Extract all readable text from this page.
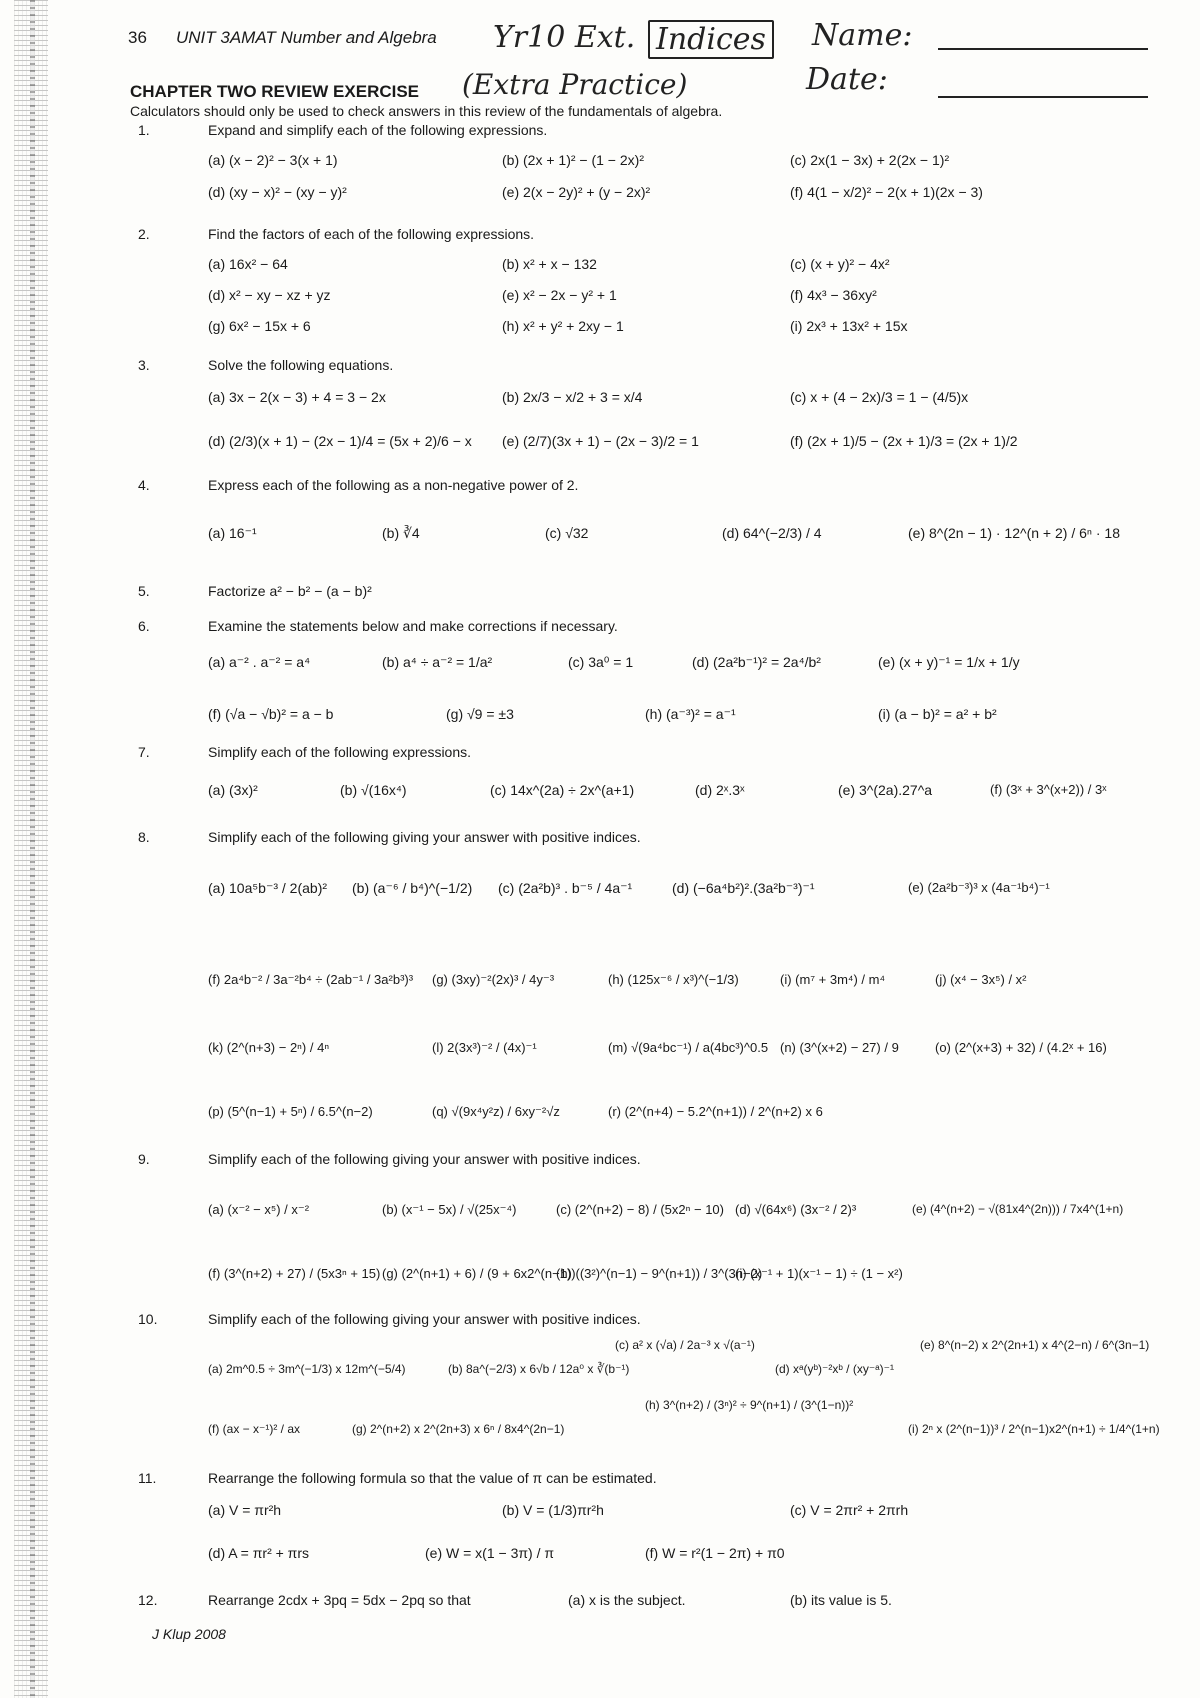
36 UNIT 3AMAT Number and Algebra Yr10 Ext. Indices Name:
CHAPTER TWO REVIEW EXERCISE (Extra Practice)	Date:
Calculators should only be used to check answers in this review of the fundamentals of algebra.
1.	Expand and simplify each of the following expressions.
(a) (x − 2)² − 3(x + 1)	(b) (2x + 1)² − (1 − 2x)²	(c) 2x(1 − 3x) + 2(2x − 1)²
(d) (xy − x)² − (xy − y)²	(e) 2(x − 2y)² + (y − 2x)²	(f) 4(1 − x/2)² − 2(x + 1)(2x − 3)
2.	Find the factors of each of the following expressions.
(a) 16x² − 64	(b) x² + x − 132	(c) (x + y)² − 4x²
(d) x² − xy − xz + yz	(e) x² − 2x − y² + 1	(f) 4x³ − 36xy²
(g) 6x² − 15x + 6	(h) x² + y² + 2xy − 1	(i) 2x³ + 13x² + 15x
3.	Solve the following equations.
(a) 3x − 2(x − 3) + 4 = 3 − 2x	(b) 2x/3 − x/2 + 3 = x/4	(c) x + (4 − 2x)/3 = 1 − (4/5)x
(d) (2/3)(x + 1) − (2x − 1)/4 = (5x + 2)/6 − x (e) (2/7)(3x + 1) − (2x − 3)/2 = 1	(f) (2x + 1)/5 − (2x + 1)/3 = (2x + 1)/2
4.	Express each of the following as a non-negative power of 2.
(a) 16⁻¹	(b) ∛4	(c) √32	(d) 64^(−2/3) / 4	(e) 8^(2n − 1) · 12^(n + 2) / 6ⁿ · 18
5.	Factorize a² − b² − (a − b)²
6.	Examine the statements below and make corrections if necessary.
(a) a⁻² . a⁻² = a⁴	(b) a⁴ ÷ a⁻² = 1/a²	(c) 3a⁰ = 1	(d) (2a²b⁻¹)² = 2a⁴/b²	(e) (x + y)⁻¹ = 1/x + 1/y
(f) (√a − √b)² = a − b	(g) √9 = ±3	(h) (a⁻³)² = a⁻¹	(i) (a − b)² = a² + b²
7.	Simplify each of the following expressions.
(a) (3x)²	(b) √(16x⁴)	(c) 14x^(2a) ÷ 2x^(a+1)	(d) 2ˣ.3ˣ	(e) 3^(2a).27^a	(f) (3ˣ + 3^(x+2)) / 3ˣ
8.	Simplify each of the following giving your answer with positive indices.
(a) 10a⁵b⁻³ / 2(ab)² (b) (a⁻⁶ / b⁴)^(−1/2) (c) (2a²b)³ . b⁻⁵ / 4a⁻¹	(d) (−6a⁴b²)².(3a²b⁻³)⁻¹	(e) (2a²b⁻³)³ x (4a⁻¹b⁴)⁻¹
(f) 2a⁴b⁻² / 3a⁻²b⁴ ÷ (2ab⁻¹ / 3a²b³)³ (g) (3xy)⁻²(2x)³ / 4y⁻³	(h) (125x⁻⁶ / x³)^(−1/3)	(i) (m⁷ + 3m⁴) / m⁴	(j) (x⁴ − 3x⁵) / x²
(k) (2^(n+3) − 2ⁿ) / 4ⁿ	(l) 2(3x³)⁻² / (4x)⁻¹	(m) √(9a⁴bc⁻¹) / a(4bc³)^0.5 (n) (3^(x+2) − 27) / 9	(o) (2^(x+3) + 32) / (4.2ˣ + 16)
(p) (5^(n−1) + 5ⁿ) / 6.5^(n−2)	(q) √(9x⁴y²z) / 6xy⁻²√z	(r) (2^(n+4) − 5.2^(n+1)) / 2^(n+2) x 6
9.	Simplify each of the following giving your answer with positive indices.
(a) (x⁻² − x⁵) / x⁻²	(b) (x⁻¹ − 5x) / √(25x⁻⁴)	(c) (2^(n+2) − 8) / (5x2ⁿ − 10) (d) √(64x⁶) (3x⁻² / 2)³	(e) (4^(n+2) − √(81x4^(2n))) / 7x4^(1+n)
(f) (3^(n+2) + 27) / (5x3ⁿ + 15) (g) (2^(n+1) + 6) / (9 + 6x2^(n−1))
(h) ((3²)^(n−1) − 9^(n+1)) / 3^(3n−2)
(i) (x⁻¹ + 1)(x⁻¹ − 1) ÷ (1 − x²)
10.	Simplify each of the following giving your answer with positive indices.
(a) 2m^0.5 ÷ 3m^(−1/3) x 12m^(−5/4)	(b) 8a^(−2/3) x 6√b / 12a⁰ x ∛(b⁻¹)
(c) a² x (√a) / 2a⁻³ x √(a⁻¹)
(d) xᵃ(yᵇ)⁻²xᵇ / (xy⁻ᵃ)⁻¹
(e) 8^(n−2) x 2^(2n+1) x 4^(2−n) / 6^(3n−1)
(f) (ax − x⁻¹)² / ax	(g) 2^(n+2) x 2^(2n+3) x 6ⁿ / 8x4^(2n−1)
(h) 3^(n+2) / (3ⁿ)² ÷ 9^(n+1) / (3^(1−n))²
(i) 2ⁿ x (2^(n−1))³ / 2^(n−1)x2^(n+1) ÷ 1/4^(1+n)
11.	Rearrange the following formula so that the value of π can be estimated.
(a) V = πr²h	(b) V = (1/3)πr²h	(c) V = 2πr² + 2πrh
(d) A = πr² + πrs	(e) W = x(1 − 3π) / π	(f) W = r²(1 − 2π) + π0
12.	Rearrange 2cdx + 3pq = 5dx − 2pq so that	(a) x is the subject.	(b) its value is 5.
J Klup 2008
